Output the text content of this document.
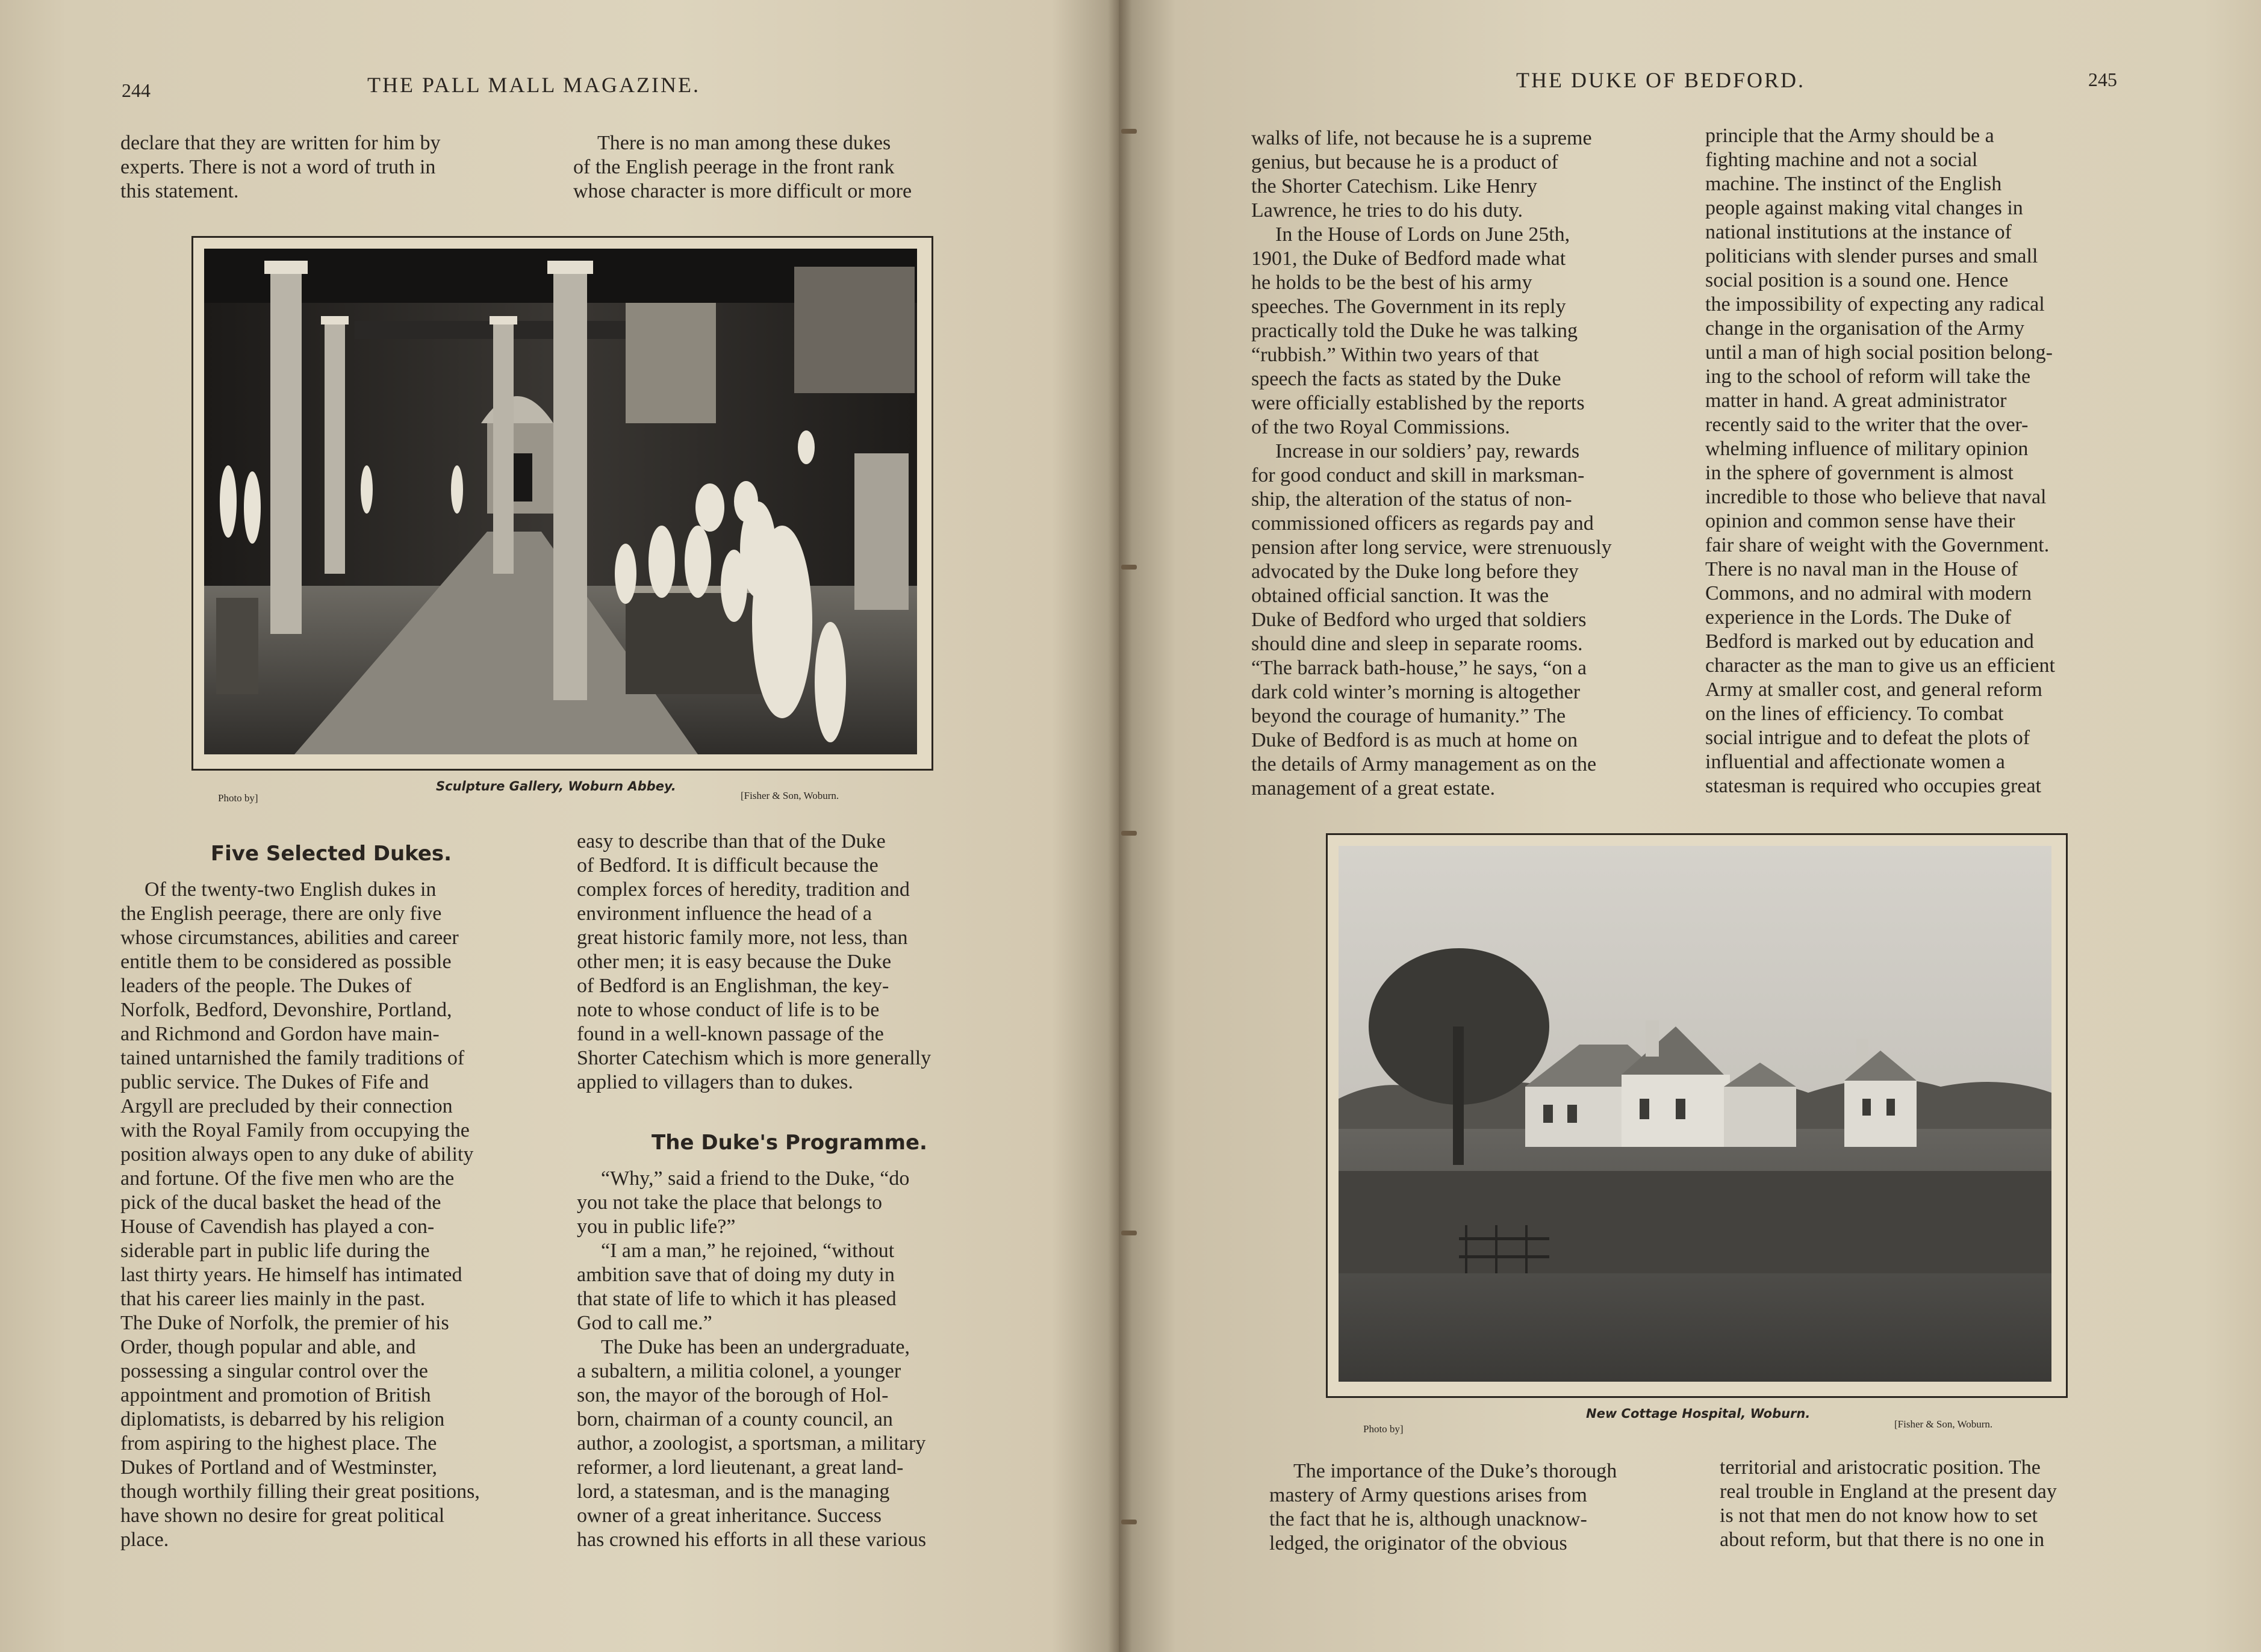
244	THE PALL MALL MAGAZINE.

declare that they are written for him by

experts. There is not a word of truth in

this statement.

There is no man among these dukes

of the English peerage in the front rank

whose character is more difficult or more

Photo by]
Sculpture Gallery, Woburn Abbey.
[Fisher & Son, Woburn.
Five Selected Dukes.

Of the twenty-two English dukes in

the English peerage, there are only five

whose circumstances, abilities and career

entitle them to be considered as possible

leaders of the people. The Dukes of

Norfolk, Bedford, Devonshire, Portland,

and Richmond and Gordon have main-

tained untarnished the family traditions of

public service. The Dukes of Fife and

Argyll are precluded by their connection

with the Royal Family from occupying the

position always open to any duke of ability

and fortune. Of the five men who are the

pick of the ducal basket the head of the

House of Cavendish has played a con-

siderable part in public life during the

last thirty years. He himself has intimated

that his career lies mainly in the past.

The Duke of Norfolk, the premier of his

Order, though popular and able, and

possessing a singular control over the

appointment and promotion of British

diplomatists, is debarred by his religion

from aspiring to the highest place. The

Dukes of Portland and of Westminster,

though worthily filling their great positions,

have shown no desire for great political

place.

easy to describe than that of the Duke

of Bedford. It is difficult because the

complex forces of heredity, tradition and

environment influence the head of a

great historic family more, not less, than

other men; it is easy because the Duke

of Bedford is an Englishman, the key-

note to whose conduct of life is to be

found in a well-known passage of the

Shorter Catechism which is more generally

applied to villagers than to dukes.

The Duke's Programme.

“Why,” said a friend to the Duke, “do

you not take the place that belongs to

you in public life?”

“I am a man,” he rejoined, “without

ambition save that of doing my duty in

that state of life to which it has pleased

God to call me.”

The Duke has been an undergraduate,

a subaltern, a militia colonel, a younger

son, the mayor of the borough of Hol-

born, chairman of a county council, an

author, a zoologist, a sportsman, a military

reformer, a lord lieutenant, a great land-

lord, a statesman, and is the managing

owner of a great inheritance. Success

has crowned his efforts in all these various

THE DUKE OF BEDFORD.	245

walks of life, not because he is a supreme

genius, but because he is a product of

the Shorter Catechism. Like Henry

Lawrence, he tries to do his duty.

In the House of Lords on June 25th,

1901, the Duke of Bedford made what

he holds to be the best of his army

speeches. The Government in its reply

practically told the Duke he was talking

“rubbish.” Within two years of that

speech the facts as stated by the Duke

were officially established by the reports

of the two Royal Commissions.

Increase in our soldiers’ pay, rewards

for good conduct and skill in marksman-

ship, the alteration of the status of non-

commissioned officers as regards pay and

pension after long service, were strenuously

advocated by the Duke long before they

obtained official sanction. It was the

Duke of Bedford who urged that soldiers

should dine and sleep in separate rooms.

“The barrack bath-house,” he says, “on a

dark cold winter’s morning is altogether

beyond the courage of humanity.” The

Duke of Bedford is as much at home on

the details of Army management as on the

management of a great estate.

principle that the Army should be a

fighting machine and not a social

machine. The instinct of the English

people against making vital changes in

national institutions at the instance of

politicians with slender purses and small

social position is a sound one. Hence

the impossibility of expecting any radical

change in the organisation of the Army

until a man of high social position belong-

ing to the school of reform will take the

matter in hand. A great administrator

recently said to the writer that the over-

whelming influence of military opinion

in the sphere of government is almost

incredible to those who believe that naval

opinion and common sense have their

fair share of weight with the Government.

There is no naval man in the House of

Commons, and no admiral with modern

experience in the Lords. The Duke of

Bedford is marked out by education and

character as the man to give us an efficient

Army at smaller cost, and general reform

on the lines of efficiency. To combat

social intrigue and to defeat the plots of

influential and affectionate women a

statesman is required who occupies great

Photo by]
New Cottage Hospital, Woburn.
[Fisher & Son, Woburn.

The importance of the Duke’s thorough

mastery of Army questions arises from

the fact that he is, although unacknow-

ledged, the originator of the obvious

territorial and aristocratic position. The

real trouble in England at the present day

is not that men do not know how to set

about reform, but that there is no one in
